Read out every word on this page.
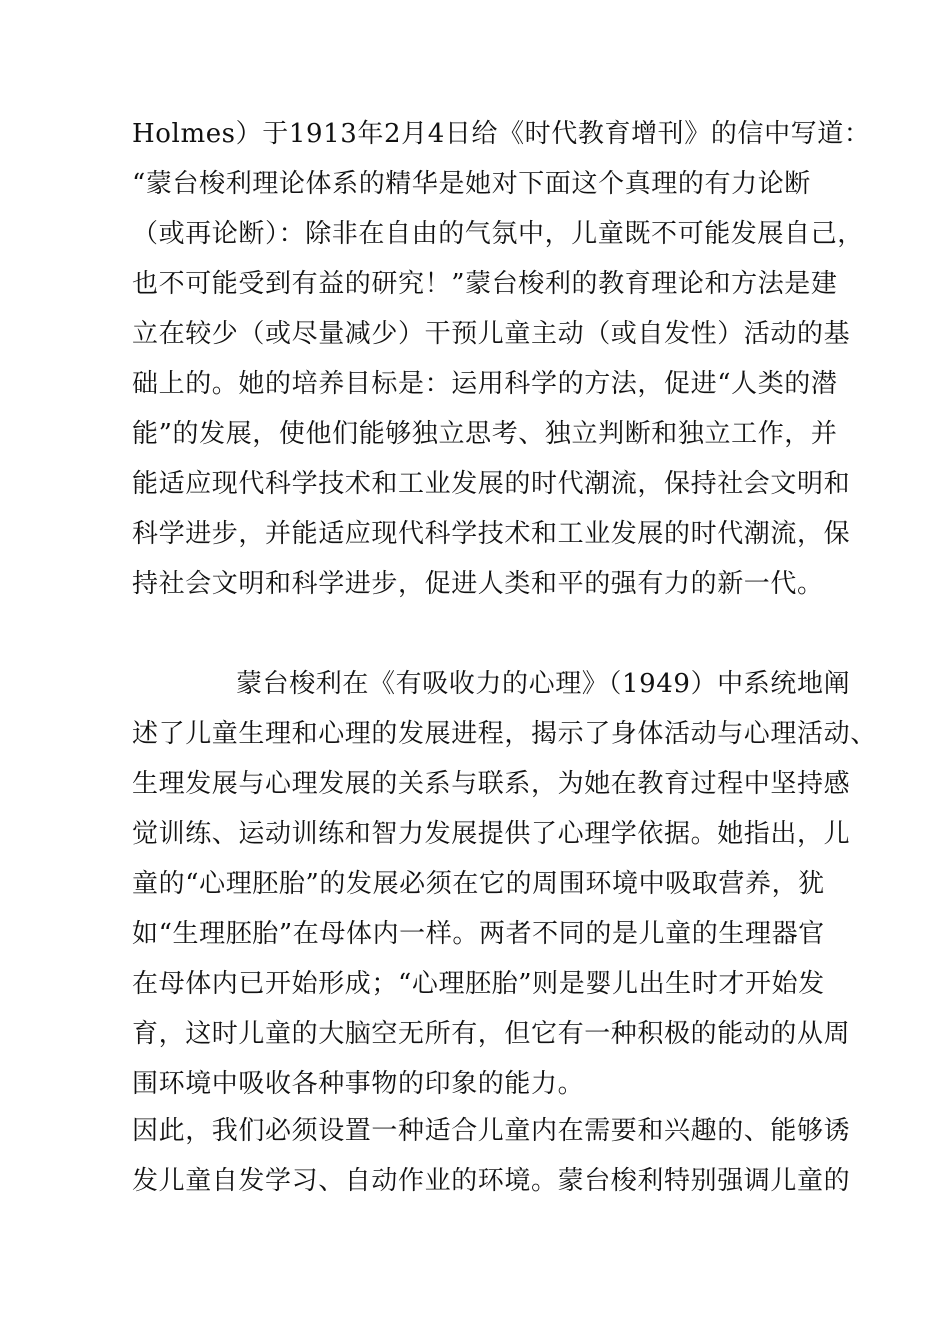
Holmes）于1913年2月4日给《时代教育增刊》的信中写道：
“蒙台梭利理论体系的精华是她对下面这个真理的有力论断
（或再论断）：除非在自由的气氛中，儿童既不可能发展自己，
也不可能受到有益的研究！”蒙台梭利的教育理论和方法是建
立在较少（或尽量减少）干预儿童主动（或自发性）活动的基
础上的。她的培养目标是：运用科学的方法，促进“人类的潜
能”的发展，使他们能够独立思考、独立判断和独立工作，并
能适应现代科学技术和工业发展的时代潮流，保持社会文明和
科学进步，并能适应现代科学技术和工业发展的时代潮流，保
持社会文明和科学进步，促进人类和平的强有力的新一代。
蒙台梭利在《有吸收力的心理》（1949）中系统地阐
述了儿童生理和心理的发展进程，揭示了身体活动与心理活动、
生理发展与心理发展的关系与联系，为她在教育过程中坚持感
觉训练、运动训练和智力发展提供了心理学依据。她指出，儿
童的“心理胚胎”的发展必须在它的周围环境中吸取营养，犹
如“生理胚胎”在母体内一样。两者不同的是儿童的生理器官
在母体内已开始形成；“心理胚胎”则是婴儿出生时才开始发
育，这时儿童的大脑空无所有，但它有一种积极的能动的从周
围环境中吸收各种事物的印象的能力。
因此，我们必须设置一种适合儿童内在需要和兴趣的、能够诱
发儿童自发学习、自动作业的环境。蒙台梭利特别强调儿童的
